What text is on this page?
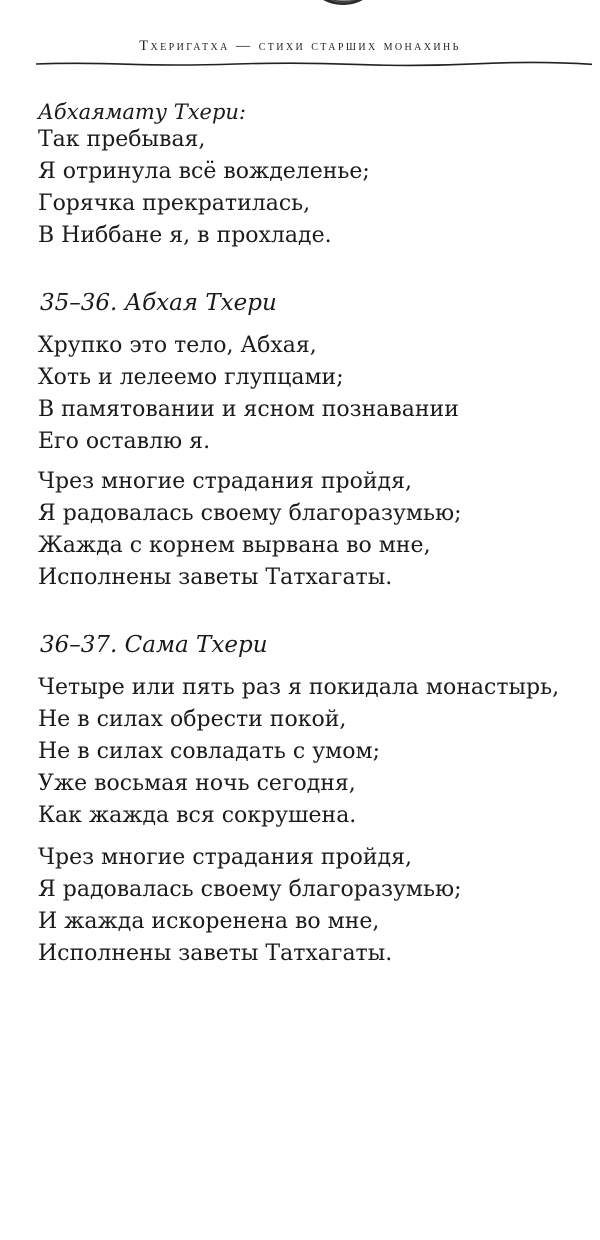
Тхеригатха — стихи старших монахинь
Абхаямату Тхери:
Так пребывая,
Я отринула всё вожделенье;
Горячка прекратилась,
В Ниббане я, в прохладе.
35–36. Абхая Тхери
Хрупко это тело, Абхая,
Хоть и лелеемо глупцами;
В памятовании и ясном познавании
Его оставлю я.
Чрез многие страдания пройдя,
Я радовалась своему благоразумью;
Жажда с корнем вырвана во мне,
Исполнены заветы Татхагаты.
36–37. Сама Тхери
Четыре или пять раз я покидала монастырь,
Не в силах обрести покой,
Не в силах совладать с умом;
Уже восьмая ночь сегодня,
Как жажда вся сокрушена.
Чрез многие страдания пройдя,
Я радовалась своему благоразумью;
И жажда искоренена во мне,
Исполнены заветы Татхагаты.
